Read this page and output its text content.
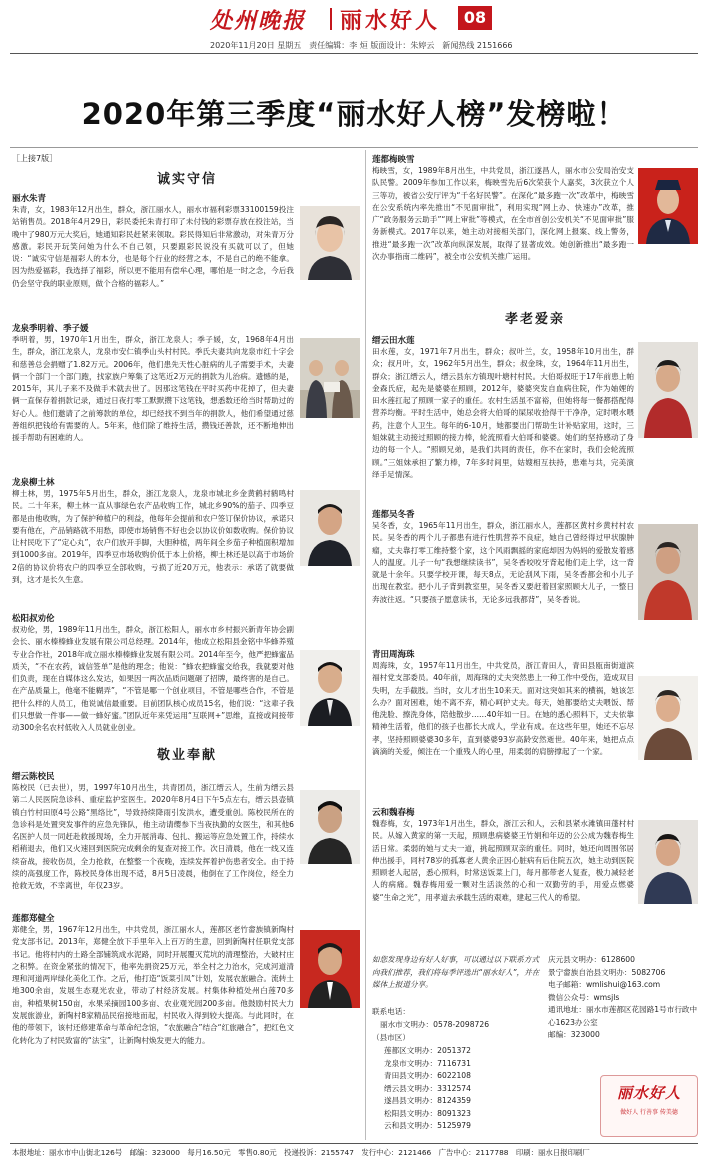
处州晚报 丽水好人	08
2020年11月20日 星期五　责任编辑：李 烜 版面设计：朱婷云　新闻热线 2151666
2020年第三季度“丽水好人榜”发榜啦！
［上接7版］
诚实守信
丽水朱青
朱青，女，1983年12月出生，群众，浙江丽水人，丽水市福利彩票33100159投注站销售员。2018年4月29日，彩民委托朱青打印了未付钱的彩票存放在投注站，当晚中了980万元大奖后，她通知彩民赶紧来领取。彩民得知后非常激动，对朱青万分感激。彩民开玩笑问她为什么不自己领，只要跟彩民说没有买就可以了，但她说：“诚实守信是福彩人的本分，也是每个行业的经营之本，不是自己的绝不能拿。因为热爱福彩，我选择了福彩，所以更不能用有偿牟心理，哪怕是一时之念，今后我仍会坚守我的职业原则，做个合格的福彩人。”
龙泉季明着、季子媛
季明着，男，1970年1月出生，群众，浙江龙泉人；季子媛，女，1968年4月出生，群众，浙江龙泉人，龙泉市安仁镇季山头村村民。季氏夫妻共向龙泉市红十字会和慈善总会捐赠了1.82万元。2006年，他们患先天性心脏病的儿子需要手术，夫妻俩一个部门一个部门跑，找家族户筹集了这笔近2万元的捐款为儿治病。遗憾的是，2015年，其儿子来不及做手术就去世了。因那这笔钱在平时买药中花掉了，但夫妻俩一直保存着捐款记录，通过日夜打零工默默攒下这笔钱，想悉数还给当时帮助过的好心人。他们邀请了之前筹款的单位，却已经找不到当年的捐款人，他们希望通过慈善组织把钱给有需要的人。5年来，他们除了维持生活，攒钱还善款，还不断地伸出援手帮助有困难的人。
龙泉柳土林
柳土林，男，1975年5月出生，群众，浙江龙泉人，龙泉市城北乡金黄鹤村鹤鸣村民。二十年来，柳土林一直从事绿色农产品收购工作，城北乡90%的茄子、四季豆都是由他收购，为了保护种植户的利益，他每年会提前和农户签订保价协议，承诺只要有他在，产品销路就不用愁，即使市场销售不好也会以协议价如数收购。保价协议让村民吃下了“定心丸”，农户们放开手脚，大胆种植，两年间全乡茄子种植面积增加到1000多亩。2019年，四季豆市场收购价低于本上价格，柳土林还是以高于市场价2倍的协议价将农户的四季豆全部收购，亏损了近20万元，他表示：承诺了就要做到，这才是长久生意。
松阳叔劝伦
叔劝伦，男，1989年11月出生，群众，浙江松阳人，丽水市乡村振兴新青年协会副会长、丽水榛榛蜂业发展有限公司总经理。2014年，他成立松阳县金铭中华蜂养殖专业合作社，2018年成立丽水榛榛蜂业发展有限公司。2014年至今，他严把蜂蜜品质关，“不在农药，诚信签单”是他的理念；他说：“蜂农把蜂蜜交给我，我就要对他们负责，现在自媒体这么发达，如果因一两次品质问题砸了招牌，最终害的是自己。在产品质量上，他毫不能糊弄”，“不管是哪一个创业项目，不管是哪些合作，不管是把什么样的人员工，他说诚信最重要。目前团队核心成员15名，他们说：“这辈子我们只想做一件事——做一蜂好蜜。”团队近年来凭运用“互联网+”思维，直接或间接带动300余名农村低收入人员就业创业。
敬业奉献
缙云陈校民
陈校民（已去世），男，1997年10月出生，共青团员，浙江缙云人，生前为缙云县第二人民医院急诊科、重症监护室医生。2020年8月4日下午5点左右，缙云县壶镇镇白竹村田原4号公路“黑络比”，导致持续降雨引发洪水，遭受重创。陈校民所在的急诊科是处置突发事件的应急先锋队，他主动请缨参下当夜执勤的女医生，和其他6名医护人员一同赶赴救援现场，全力开展消毒、包扎、搬运等应急处置工作，持续水稻稍退去，他们又火速回到医院完成剩余的复查对接工作。次日清晨，他在一线又连续奋战，接收伤员，全力抢救，在整整一个夜晚，连续发挥着护伤患者安全。由于持续的高强度工作，陈校民身体出现不适，8月5日凌晨，他倒在了工作岗位，经全力抢救无效，不幸离世，年仅23岁。
莲都郑健全
郑健全，男，1967年12月出生，中共党员，浙江丽水人，莲都区老竹畲族镇新陶村党支部书记。2013年，郑健全放下手里年入上百万的生意，回到新陶村任职党支部书记。他将村内的土路全部铺筑成水泥路，同时开展覆灭荒坑的清理整治，大破村庄之积弊。在资金紧张的情况下，他率先捐资25万元，举全村之力治水，完成河道清理和河道两岸绿化美化工作。之后，他打造“饭菜引凤”计划，发展农旅融合。流转土地300余亩，发展生态观光农业，带动了村经济发展。村集体种植处州白莲70多亩，种植果树150亩，水果采摘园100多亩、农业观光园200多亩。他鼓励村民大力发展旅游业，新陶村8家精品民宿接地而起，村民收入得到较大提高。与此同时，在他的带领下，该村还修建革命与革命纪念馆，“农旅融合”结合“红旅融合”，把红色文化转化为了村民致富的“法宝”，让新陶村焕发更大的能力。
莲都梅映雪
梅映雪，女，1989年8月出生，中共党员，浙江遂昌人，丽水市公安局治安支队民警。2009年参加工作以来，梅映雪先后6次荣获个人嘉奖，3次获立个人三等功，被省公安厅评为“千名好民警”。在深化“最多跑一次”改革中，梅映雪在公安系统内率先推出“不见面审批”，利用实现“网上办、快速办”改革，推广“政务服务云助手”“网上审批”等模式，在全市首创公安机关“不见面审批”服务新模式。2017年以来，她主动对接相关部门，深化网上报案、线上警务，推进“最多跑一次”改革向纵深发展，取得了显著成效。她创新推出“最多跑一次办事指南二维码”，被全市公安机关推广运用。
孝老爱亲
缙云田水莲
田水莲，女，1971年7月出生，群众；叔叶兰，女，1958年10月出生，群众；叔月叶，女，1962年5月出生，群众；叔金珠，女，1964年11月出生，群众；浙江缙云人，缙云县东方镇现叶塘村村民。大伯哥叔旺于17年前患上帕金森氏症，起先是婆婆在照顾，2012年，婆婆突发自血病住院，作为妯娌的田水莲扛起了照顾一家子的重任。农村生活虽不富裕，但她将每一餐都搭配得营养均衡。平时生活中，她总会将大伯哥的屎尿收拾得干干净净，定时喂水喂药，注意个人卫生。每年的6-10月，她都要出门帮助生计补贴家用，这时，三姐妹就主动接过照顾的接力棒，轮流照看大伯哥和婆婆。她们的坚持感动了身边的每一个人。“照顾兄弟，是我们共同的责任，你不在家时，我们会轮流照顾。”三姐妹承担了繁力棒，7年多时间里，姑嫂相互扶持，患难与共，完美演绎手足情深。
莲都吴冬香
吴冬香，女，1965年11月出生，群众，浙江丽水人，莲都区黄村乡黄村村农民。吴冬香的两个儿子都患有进行性肌营养不良症，她自己曾经得过甲状腺肿瘤，丈夫靠打零工维持整个家，这个风雨飘摇的家庭却因为妈妈的爱散发着感人的温度。儿子一句“我想继续读书”，吴冬香咬咬牙背起他们走上学，这一背就是十余年。只要学校开课，每天8点，无论刮风下雨，吴冬香都会和小儿子出现在教室。把小儿子背到教室里，吴冬香又要赶着回家照顾大儿子，一整日奔波往返。“只要孩子愿意读书，无论多远我都背”，吴冬香说。
青田周海珠
周海珠，女，1957年11月出生，中共党员，浙江青田人，青田县瓯南街道滨福村党支部委员。40年前，周海珠的丈夫突然患上一种工作中受伤，造成双目失明，左手截肢。当时，女儿才出生10来天。面对这突如其来的横祸，她该怎么办？面对困难，她不离不弃，精心呵护丈夫。每天，她都要给丈夫喂饭、帮他洗脸、擦洗身体，陪他散步……40年如一日。在她的悉心照料下，丈夫依靠精神生活着，他们的孩子也都长大成人，学业有成。在这些年里，她还不忘尽孝，坚持照顾婆婆30多年，直到婆婆93岁高龄安然逝世。40年来，她把点点滴滴的关爱，倾注在一个重残人的心里，用柔弱的肩膀撑起了一个家。
云和魏春梅
魏春梅，女，1973年1月出生，群众，浙江云和人，云和县紧水滩镇田蓬村村民。从嫁入黄家的第一天起，照顾患病婆婆王竹娟和年迈的公公成为魏春梅生活日常。柔弱的她与丈夫一道，挑起照顾双亲的重任。同时，她还向周围邻居伸出援手，同村78岁的孤寡老人黄余正因心脏病有后住院五次，她主动到医院照顾老人起居，悉心照料，时常送饭菜上门，每月都带老人复查，极力减轻老人的病痛。魏春梅用爱一颗对生活淡然的心和一双勤劳的手，用爱点燃婆婆“生命之光”，用孝道去承载生活的艰难，建起三代人的希望。
如您发现身边有好人好事，可以通过以下联系方式向我们推荐，我们将每季评选出“丽水好人”，并在媒体上报道分享。
联系电话：
丽水市文明办：0578-2098726
（县市区）
莲都区文明办：2051372
龙泉市文明办：7116731
青田县文明办：6022108
缙云县文明办：3312574
遂昌县文明办：8124359
松阳县文明办：8091323
云和县文明办：5125979
庆元县文明办：6128600
景宁畲族自治县文明办：5082706
电子邮箱：wmlishui@163.com
微信公众号：wmsjls
通讯地址：丽水市莲都区花园路1号市行政中心1623办公室
邮编：323000
丽水好人
做好人 行善事 传美德
本报地址：丽水市中山街北126号　邮编：323000　每月16.50元　零售0.80元　投递投诉：2155747　发行中心：2121466　广告中心：2117788　印刷：丽水日报印刷厂
